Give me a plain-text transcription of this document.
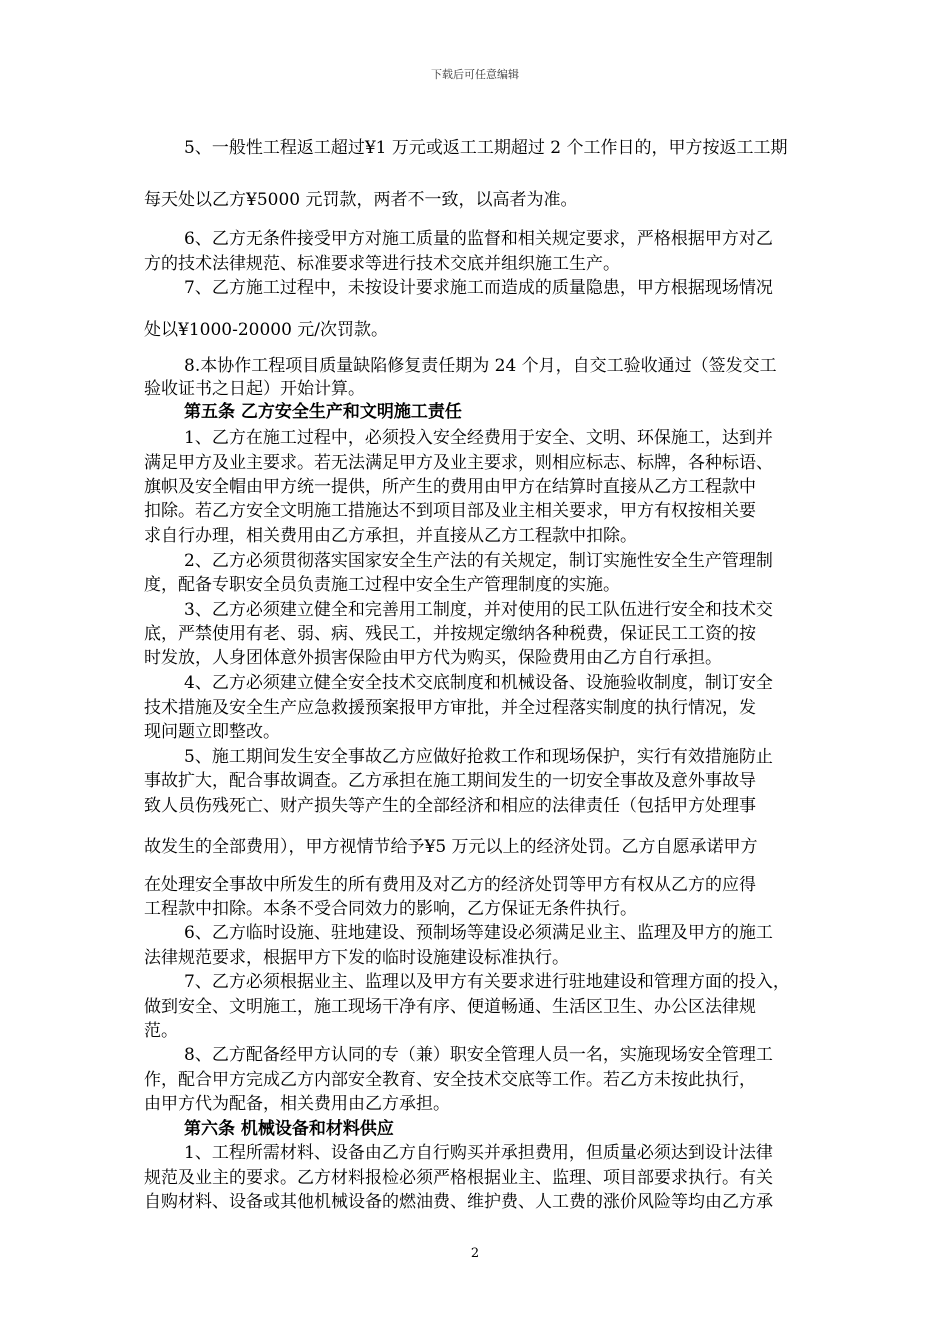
下载后可任意编辑
5、一般性工程返工超过¥1 万元或返工工期超过 2 个工作日的，甲方按返工工期
每天处以乙方¥5000 元罚款，两者不一致，以高者为准。
6、乙方无条件接受甲方对施工质量的监督和相关规定要求，严格根据甲方对乙
方的技术法律规范、标准要求等进行技术交底并组织施工生产。
7、乙方施工过程中，未按设计要求施工而造成的质量隐患，甲方根据现场情况
处以¥1000-20000 元/次罚款。
8.本协作工程项目质量缺陷修复责任期为 24 个月，自交工验收通过（签发交工
验收证书之日起）开始计算。
第五条 乙方安全生产和文明施工责任
1、乙方在施工过程中，必须投入安全经费用于安全、文明、环保施工，达到并
满足甲方及业主要求。若无法满足甲方及业主要求，则相应标志、标牌，各种标语、
旗帜及安全帽由甲方统一提供，所产生的费用由甲方在结算时直接从乙方工程款中
扣除。若乙方安全文明施工措施达不到项目部及业主相关要求，甲方有权按相关要
求自行办理，相关费用由乙方承担，并直接从乙方工程款中扣除。
2、乙方必须贯彻落实国家安全生产法的有关规定，制订实施性安全生产管理制
度，配备专职安全员负责施工过程中安全生产管理制度的实施。
3、乙方必须建立健全和完善用工制度，并对使用的民工队伍进行安全和技术交
底，严禁使用有老、弱、病、残民工，并按规定缴纳各种税费，保证民工工资的按
时发放，人身团体意外损害保险由甲方代为购买，保险费用由乙方自行承担。
4、乙方必须建立健全安全技术交底制度和机械设备、设施验收制度，制订安全
技术措施及安全生产应急救援预案报甲方审批，并全过程落实制度的执行情况，发
现问题立即整改。
5、施工期间发生安全事故乙方应做好抢救工作和现场保护，实行有效措施防止
事故扩大，配合事故调查。乙方承担在施工期间发生的一切安全事故及意外事故导
致人员伤残死亡、财产损失等产生的全部经济和相应的法律责任（包括甲方处理事
故发生的全部费用），甲方视情节给予¥5 万元以上的经济处罚。乙方自愿承诺甲方
在处理安全事故中所发生的所有费用及对乙方的经济处罚等甲方有权从乙方的应得
工程款中扣除。本条不受合同效力的影响，乙方保证无条件执行。
6、乙方临时设施、驻地建设、预制场等建设必须满足业主、监理及甲方的施工
法律规范要求，根据甲方下发的临时设施建设标准执行。
7、乙方必须根据业主、监理以及甲方有关要求进行驻地建设和管理方面的投入，
做到安全、文明施工，施工现场干净有序、便道畅通、生活区卫生、办公区法律规
范。
8、乙方配备经甲方认同的专（兼）职安全管理人员一名，实施现场安全管理工
作，配合甲方完成乙方内部安全教育、安全技术交底等工作。若乙方未按此执行，
由甲方代为配备，相关费用由乙方承担。
第六条 机械设备和材料供应
1、工程所需材料、设备由乙方自行购买并承担费用，但质量必须达到设计法律
规范及业主的要求。乙方材料报检必须严格根据业主、监理、项目部要求执行。有关
自购材料、设备或其他机械设备的燃油费、维护费、人工费的涨价风险等均由乙方承
2
